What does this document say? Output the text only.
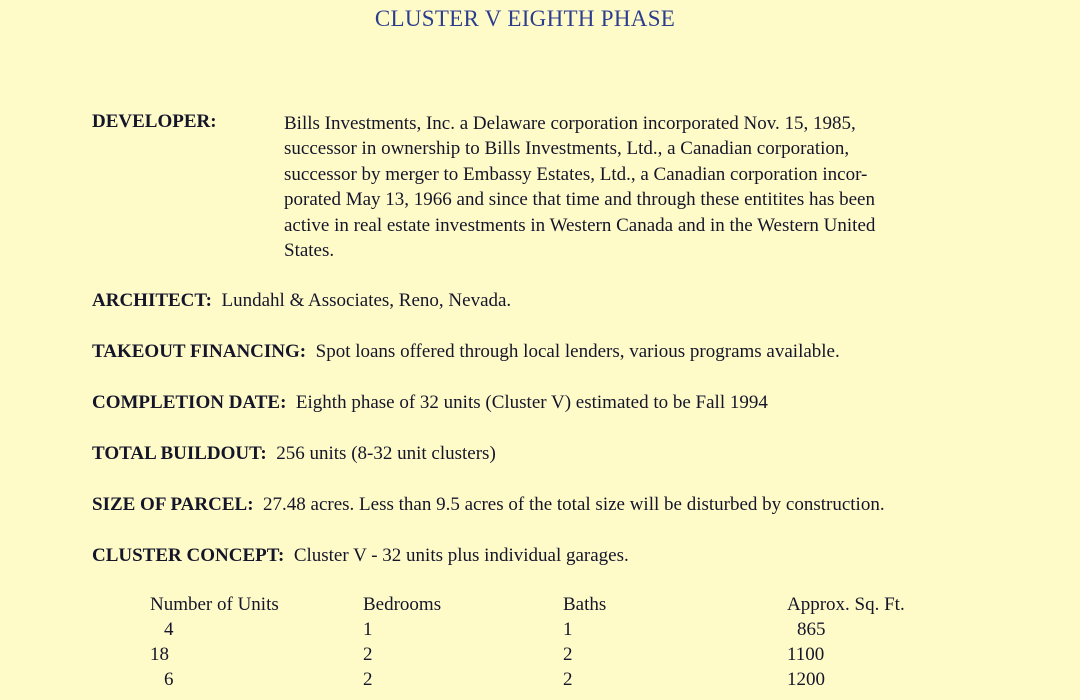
CLUSTER V EIGHTH PHASE
DEVELOPER:	Bills Investments, Inc. a Delaware corporation incorporated Nov. 15, 1985,
successor in ownership to Bills Investments, Ltd., a Canadian corporation,
successor by merger to Embassy Estates, Ltd., a Canadian corporation incor-
porated May 13, 1966 and since that time and through these entitites has been
active in real estate investments in Western Canada and in the Western United
States.
ARCHITECT: Lundahl & Associates, Reno, Nevada.
TAKEOUT FINANCING: Spot loans offered through local lenders, various programs available.
COMPLETION DATE: Eighth phase of 32 units (Cluster V) estimated to be Fall 1994
TOTAL BUILDOUT: 256 units (8-32 unit clusters)
SIZE OF PARCEL: 27.48 acres. Less than 9.5 acres of the total size will be disturbed by construction.
CLUSTER CONCEPT: Cluster V - 32 units plus individual garages.
Number of Units	Bedrooms	Baths	Approx. Sq. Ft.
4	1	1	865
18	2	2	1100
6	2	2	1200
